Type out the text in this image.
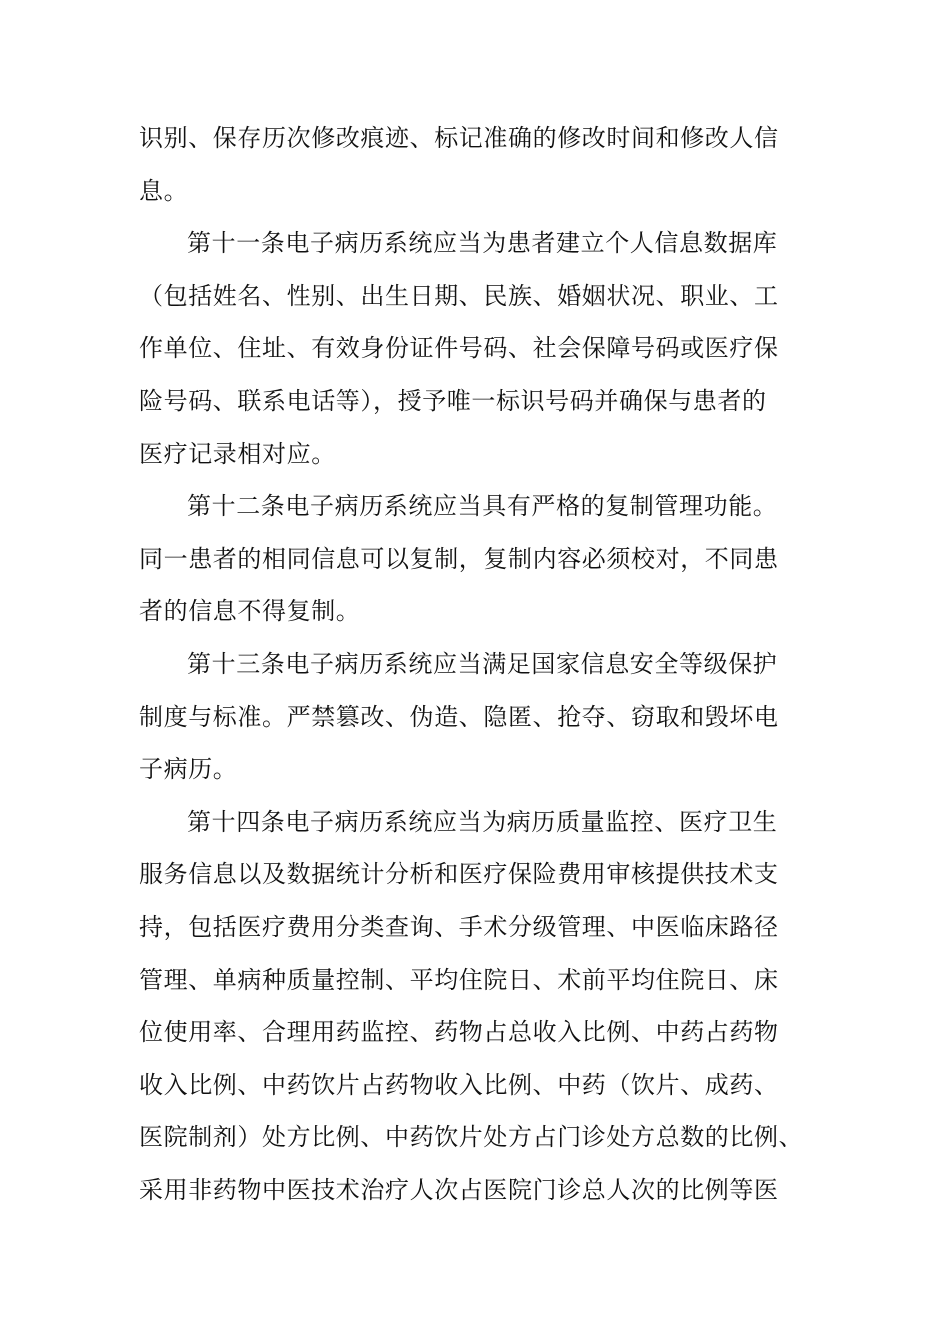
识别、保存历次修改痕迹、标记准确的修改时间和修改人信
息。
第十一条电子病历系统应当为患者建立个人信息数据库
（包括姓名、性别、出生日期、民族、婚姻状况、职业、工
作单位、住址、有效身份证件号码、社会保障号码或医疗保
险号码、联系电话等），授予唯一标识号码并确保与患者的
医疗记录相对应。
第十二条电子病历系统应当具有严格的复制管理功能。
同一患者的相同信息可以复制，复制内容必须校对，不同患
者的信息不得复制。
第十三条电子病历系统应当满足国家信息安全等级保护
制度与标准。严禁篡改、伪造、隐匿、抢夺、窃取和毁坏电
子病历。
第十四条电子病历系统应当为病历质量监控、医疗卫生
服务信息以及数据统计分析和医疗保险费用审核提供技术支
持，包括医疗费用分类查询、手术分级管理、中医临床路径
管理、单病种质量控制、平均住院日、术前平均住院日、床
位使用率、合理用药监控、药物占总收入比例、中药占药物
收入比例、中药饮片占药物收入比例、中药（饮片、成药、
医院制剂）处方比例、中药饮片处方占门诊处方总数的比例、
采用非药物中医技术治疗人次占医院门诊总人次的比例等医
